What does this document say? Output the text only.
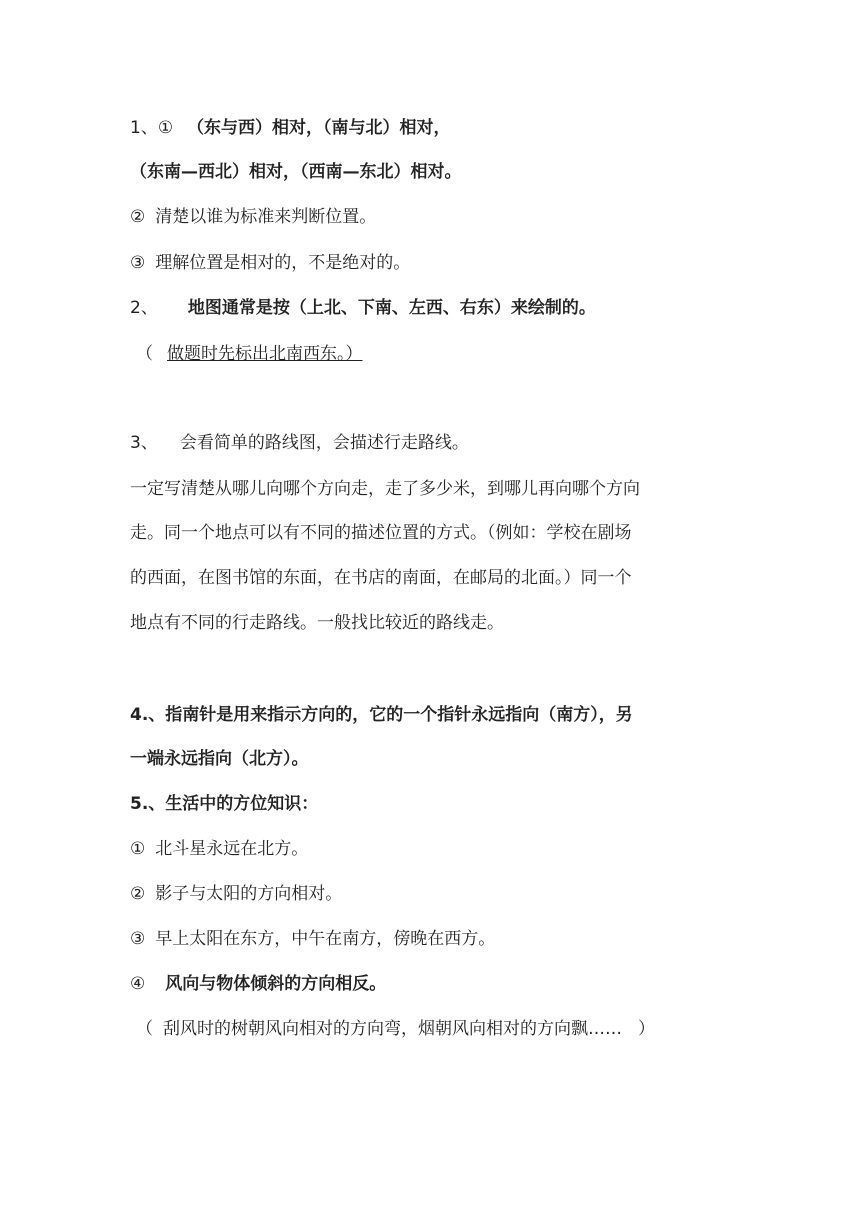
1、① （东与西）相对，（南与北）相对，
（东南—西北）相对，（西南—东北）相对。
② 清楚以谁为标准来判断位置。
③ 理解位置是相对的，不是绝对的。
2、 地图通常是按（上北、下南、左西、右东）来绘制的。
（ 做题时先标出北南西东。）
3、 会看简单的路线图，会描述行走路线。
一定写清楚从哪儿向哪个方向走，走了多少米，到哪儿再向哪个方向
走。同一个地点可以有不同的描述位置的方式。（例如：学校在剧场
的西面，在图书馆的东面，在书店的南面，在邮局的北面。）同一个
地点有不同的行走路线。一般找比较近的路线走。
4.、指南针是用来指示方向的，它的一个指针永远指向（南方），另
一端永远指向（北方）。
5.、生活中的方位知识：
① 北斗星永远在北方。
② 影子与太阳的方向相对。
③ 早上太阳在东方，中午在南方，傍晚在西方。
④ 风向与物体倾斜的方向相反。
（ 刮风时的树朝风向相对的方向弯，烟朝风向相对的方向飘…… ）
